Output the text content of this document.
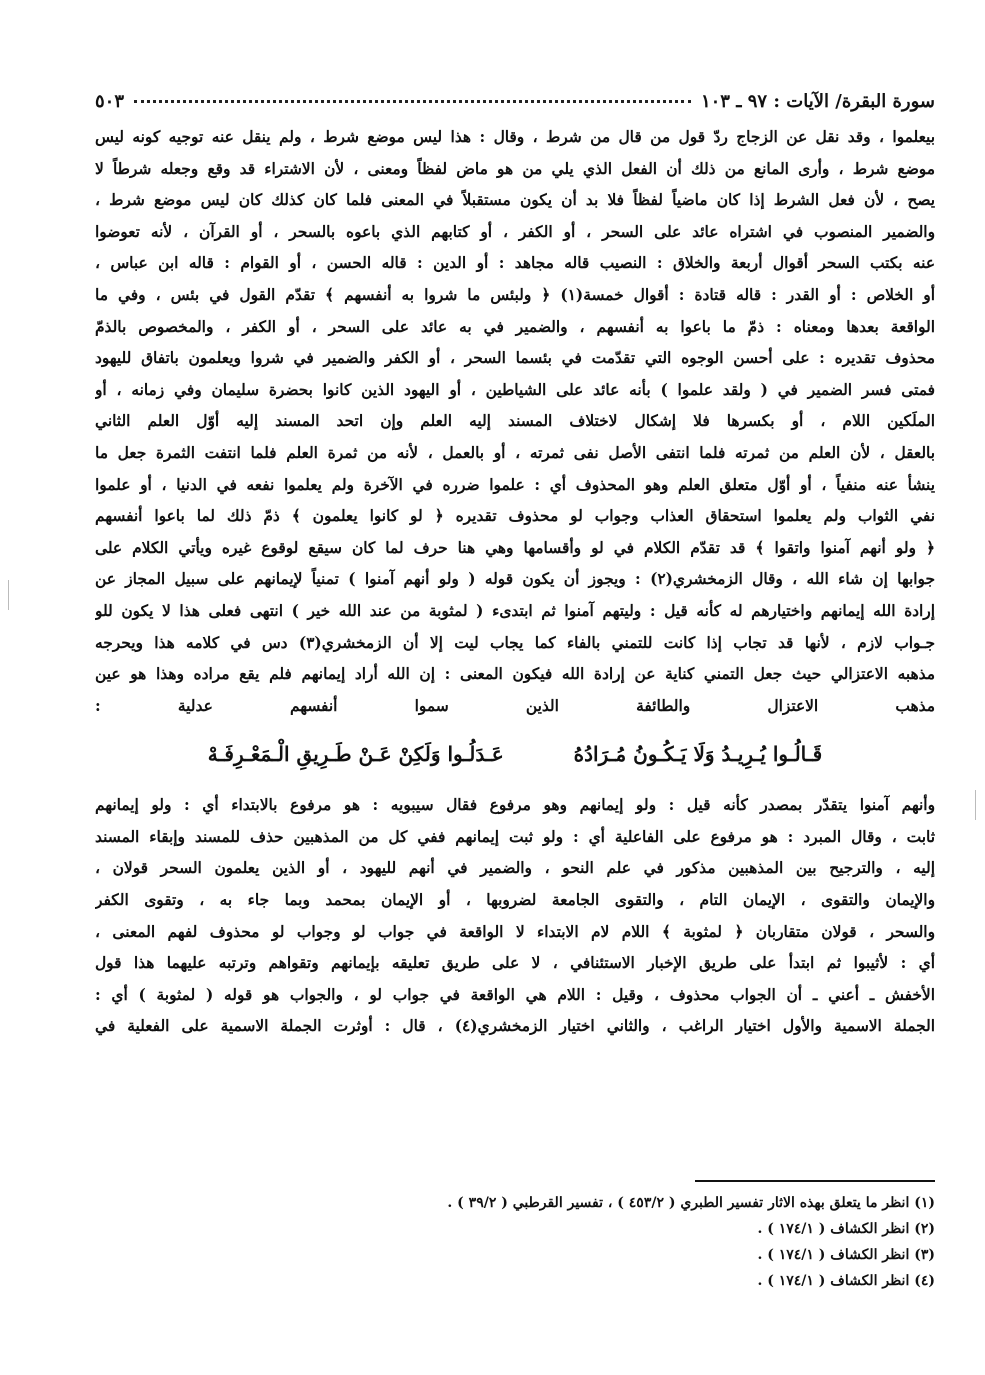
سورة البقرة/ الآيات : ٩٧ ـ ١٠٣
٥٠٣
بيعلموا ، وقد نقل عن الزجاج ردّ قول من قال من شرط ، وقال : هذا ليس موضع شرط ، ولم ينقل عنه توجيه كونه ليس
موضع شرط ، وأرى المانع من ذلك أن الفعل الذي يلي من هو ماض لفظاً ومعنى ، لأن الاشتراء قد وقع وجعله شرطاً لا
يصح ، لأن فعل الشرط إذا كان ماضياً لفظاً فلا بد أن يكون مستقبلاً في المعنى فلما كان كذلك كان ليس موضع شرط ،
والضمير المنصوب في اشتراه عائد على السحر ، أو الكفر ، أو كتابهم الذي باعوه بالسحر ، أو القرآن ، لأنه تعوضوا
عنه بكتب السحر أقوال أربعة والخلاق : النصيب قاله مجاهد : أو الدين : قاله الحسن ، أو القوام : قاله ابن عباس ،
أو الخلاص : أو القدر : قاله قتادة : أقوال خمسة(١) ﴿ ولبئس ما شروا به أنفسهم ﴾ تقدّم القول في بئس ، وفي ما
الواقعة بعدها ومعناه : ذمّ ما باعوا به أنفسهم ، والضمير في به عائد على السحر ، أو الكفر ، والمخصوص بالذمّ
محذوف تقديره : على أحسن الوجوه التي تقدّمت في بئسما السحر ، أو الكفر والضمير في شروا ويعلمون باتفاق لليهود
فمتى فسر الضمير في ( ولقد علموا ) بأنه عائد على الشياطين ، أو اليهود الذين كانوا بحضرة سليمان وفي زمانه ، أو
الملَكين اللام ، أو بكسرها فلا إشكال لاختلاف المسند إليه العلم وإن اتحد المسند إليه أوّل العلم الثاني
بالعقل ، لأن العلم من ثمرته فلما انتفى الأصل نفى ثمرته ، أو بالعمل ، لأنه من ثمرة العلم فلما انتفت الثمرة جعل ما
ينشأ عنه منفياً ، أو أوّل متعلق العلم وهو المحذوف أي : علموا ضرره في الآخرة ولم يعلموا نفعه في الدنيا ، أو علموا
نفي الثواب ولم يعلموا استحقاق العذاب وجواب لو محذوف تقديره ﴿ لو كانوا يعلمون ﴾ ذمّ ذلك لما باعوا أنفسهم
﴿ ولو أنهم آمنوا واتقوا ﴾ قد تقدّم الكلام في لو وأقسامها وهي هنا حرف لما كان سيقع لوقوع غيره ويأتي الكلام على
جوابها إن شاء الله ، وقال الزمخشري(٢) : ويجوز أن يكون قوله ( ولو أنهم آمنوا ) تمنياً لإيمانهم على سبيل المجاز عن
إرادة الله إيمانهم واختيارهم له كأنه قيل : وليتهم آمنوا ثم ابتدىء ( لمثوبة من عند الله خير ) انتهى فعلى هذا لا يكون للو
جـواب لازم ، لأنها قد تجاب إذا كانت للتمني بالفاء كما يجاب ليت إلا أن الزمخشري(٣) دس في كلامه هذا ويحرجه
مذهبه الاعتزالي حيث جعل التمني كناية عن إرادة الله فيكون المعنى : إن الله أراد إيمانهم فلم يقع مراده وهذا هو عين
مذهب الاعتزال والطائفة الذين سموا أنفسهم عدلية :
قَـالُـوا يُـرِيـدُ وَلَا يَـكُـونُ مُـرَادُهُ
عَـدَلُـوا وَلَكِنْ عَـنْ طَـرِيقِ الْـمَعْـرِفَـهْ
وأنهم آمنوا يتقدّر بمصدر كأنه قيل : ولو إيمانهم وهو مرفوع فقال سيبويه : هو مرفوع بالابتداء أي : ولو إيمانهم
ثابت ، وقال المبرد : هو مرفوع على الفاعلية أي : ولو ثبت إيمانهم ففي كل من المذهبين حذف للمسند وإبقاء المسند
إليه ، والترجيح بين المذهبين مذكور في علم النحو ، والضمير في أنهم لليهود ، أو الذين يعلمون السحر قولان ،
والإيمان والتقوى ، الإيمان التام ، والتقوى الجامعة لضروبها ، أو الإيمان بمحمد وبما جاء به ، وتقوى الكفر
والسحر ، قولان متقاربان ﴿ لمثوبة ﴾ اللام لام الابتداء لا الواقعة في جواب لو وجواب لو محذوف لفهم المعنى ،
أي : لأثيبوا ثم ابتدأ على طريق الإخبار الاستئنافي ، لا على طريق تعليقه بإيمانهم وتقواهم وترتبه عليهما هذا قول
الأخفش ـ أعني ـ أن الجواب محذوف ، وقيل : اللام هي الواقعة في جواب لو ، والجواب هو قوله ( لمثوبة ) أي :
الجملة الاسمية والأول اختيار الراغب ، والثاني اختيار الزمخشري(٤) ، قال : أوثرت الجملة الاسمية على الفعلية في
(١) انظر ما يتعلق بهذه الاثار تفسير الطبري ( ٤٥٣/٢ ) ، تفسير القرطبي ( ٣٩/٢ ) .
(٢) انظر الكشاف ( ١٧٤/١ ) .
(٣) انظر الكشاف ( ١٧٤/١ ) .
(٤) انظر الكشاف ( ١٧٤/١ ) .
